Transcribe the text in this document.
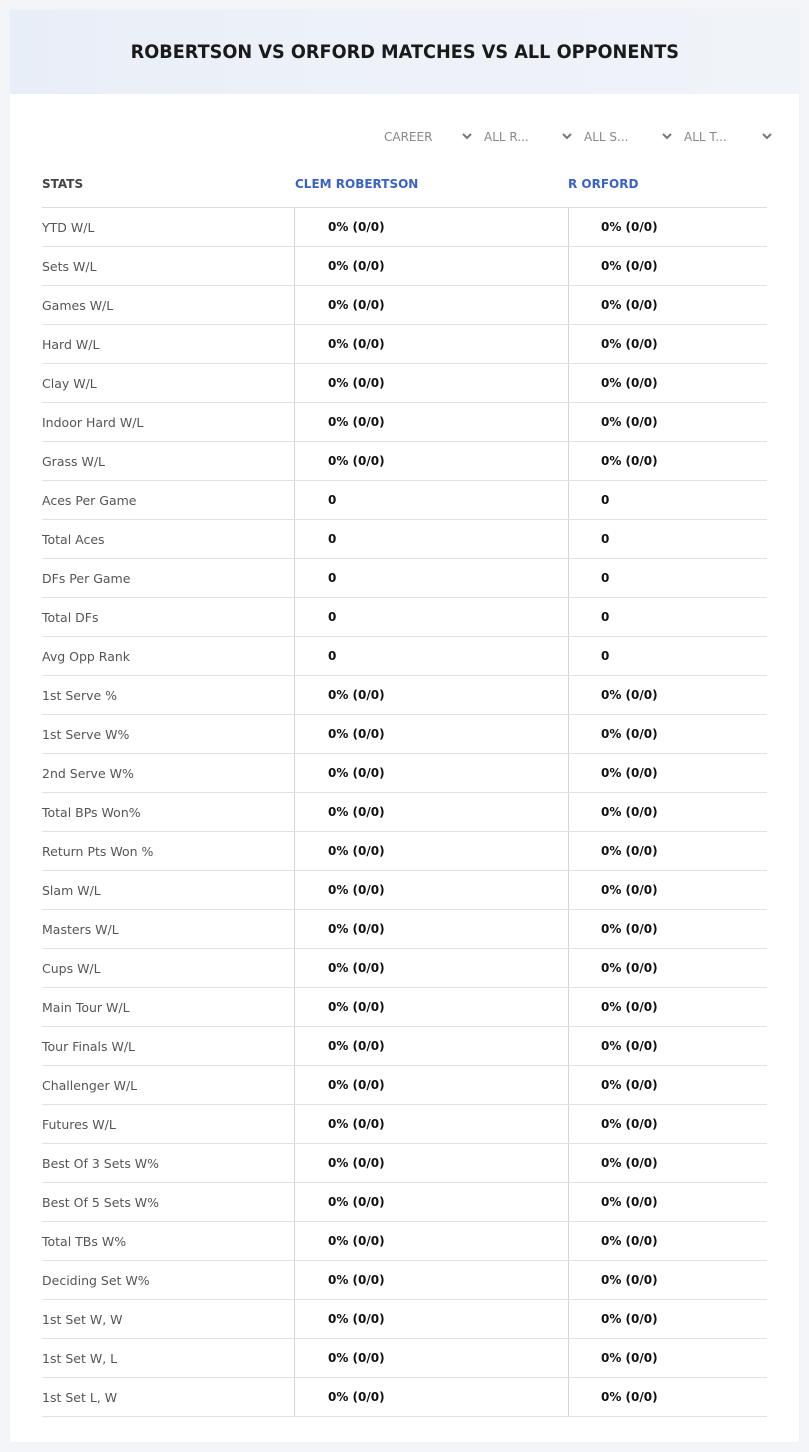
ROBERTSON VS ORFORD MATCHES VS ALL OPPONENTS
CAREER	ALL R...	ALL S...	ALL T...
STATS	CLEM ROBERTSON	R ORFORD
YTD W/L	0% (0/0)	0% (0/0)
Sets W/L	0% (0/0)	0% (0/0)
Games W/L	0% (0/0)	0% (0/0)
Hard W/L	0% (0/0)	0% (0/0)
Clay W/L	0% (0/0)	0% (0/0)
Indoor Hard W/L	0% (0/0)	0% (0/0)
Grass W/L	0% (0/0)	0% (0/0)
Aces Per Game	0	0
Total Aces	0	0
DFs Per Game	0	0
Total DFs	0	0
Avg Opp Rank	0	0
1st Serve %	0% (0/0)	0% (0/0)
1st Serve W%	0% (0/0)	0% (0/0)
2nd Serve W%	0% (0/0)	0% (0/0)
Total BPs Won%	0% (0/0)	0% (0/0)
Return Pts Won %	0% (0/0)	0% (0/0)
Slam W/L	0% (0/0)	0% (0/0)
Masters W/L	0% (0/0)	0% (0/0)
Cups W/L	0% (0/0)	0% (0/0)
Main Tour W/L	0% (0/0)	0% (0/0)
Tour Finals W/L	0% (0/0)	0% (0/0)
Challenger W/L	0% (0/0)	0% (0/0)
Futures W/L	0% (0/0)	0% (0/0)
Best Of 3 Sets W%	0% (0/0)	0% (0/0)
Best Of 5 Sets W%	0% (0/0)	0% (0/0)
Total TBs W%	0% (0/0)	0% (0/0)
Deciding Set W%	0% (0/0)	0% (0/0)
1st Set W, W	0% (0/0)	0% (0/0)
1st Set W, L	0% (0/0)	0% (0/0)
1st Set L, W	0% (0/0)	0% (0/0)
